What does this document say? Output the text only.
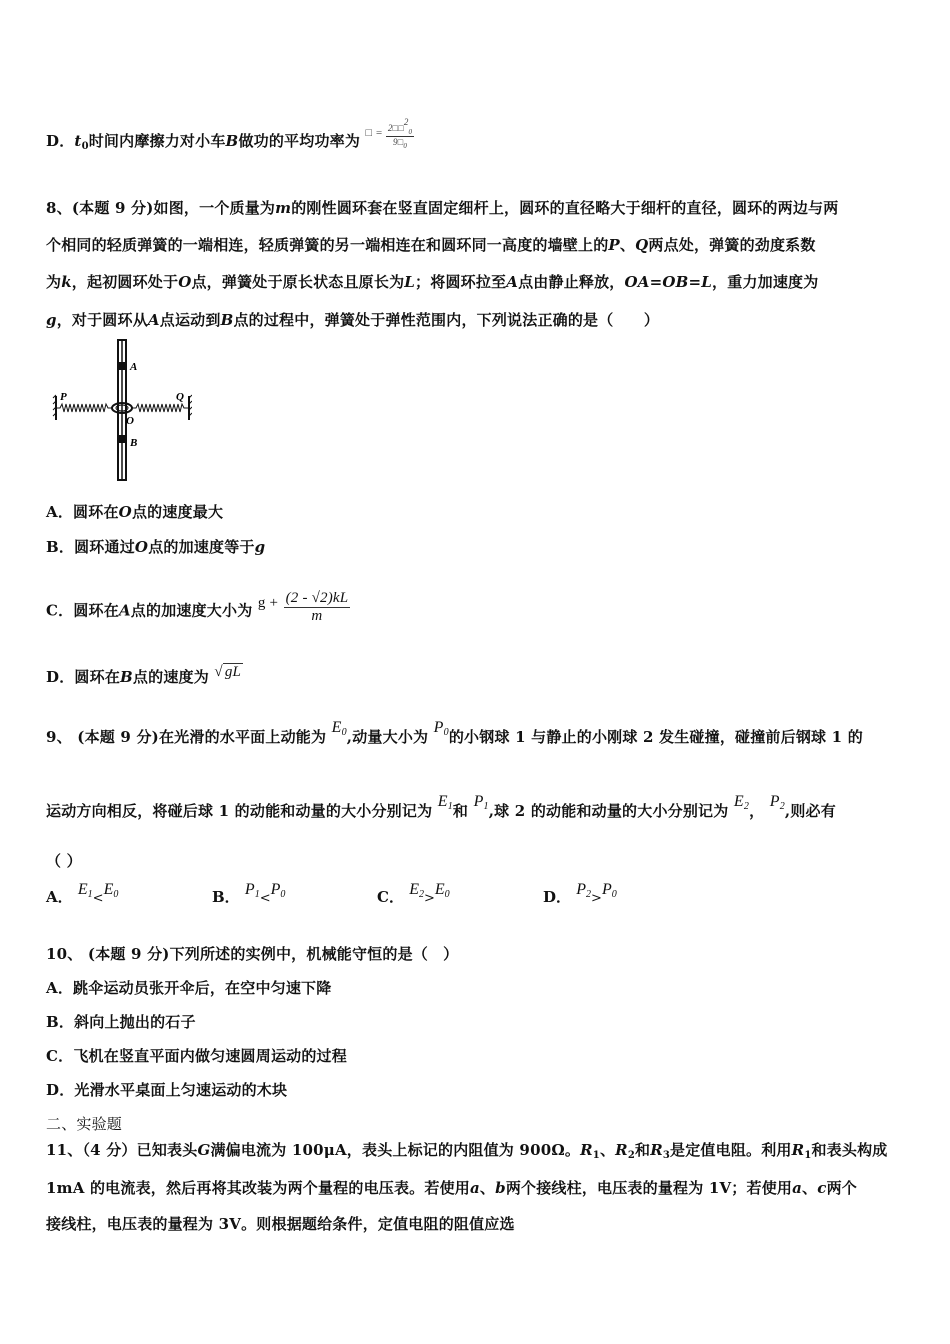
D．$t_0$时间内摩擦力对小车B做功的平均功率为 $^{□ = \frac{2□□2_0}{9□_0}}$
8、(本题 9 分)如图，一个质量为m的刚性圆环套在竖直固定细杆上，圆环的直径略大于细杆的直径，圆环的两边与两
个相同的轻质弹簧的一端相连，轻质弹簧的另一端相连在和圆环同一高度的墙壁上的P、Q两点处，弹簧的劲度系数
为k，起初圆环处于O点，弹簧处于原长状态且原长为L；将圆环拉至A点由静止释放，OA=OB=L，重力加速度为
g，对于圆环从A点运动到B点的过程中，弹簧处于弹性范围内，下列说法正确的是（　　）
A
P	Q
O
B
A．圆环在O点的速度最大
B．圆环通过O点的加速度等于g
C．圆环在A点的加速度大小为 $g + \frac{(2 - √2)kL}{m}$
D．圆环在B点的速度为 √ gL
9、 (本题 9 分)在光滑的水平面上动能为 $E_0$,动量大小为 $P_0$的小钢球 1 与静止的小刚球 2 发生碰撞，碰撞前后钢球 1 的
运动方向相反，将碰后球 1 的动能和动量的大小分别记为 $E_1$和 $P_1$,球 2 的动能和动量的大小分别记为 $E_2$， $P_2$,则必有
（ ）
A． $E_1<E_0$	B． $P_1<P_0$	C． $E_2>E_0$	D． $P_2>P_0$
10、 (本题 9 分)下列所述的实例中，机械能守恒的是（　）
A．跳伞运动员张开伞后，在空中匀速下降
B．斜向上抛出的石子
C．飞机在竖直平面内做匀速圆周运动的过程
D．光滑水平桌面上匀速运动的木块
二、实验题
11、（4 分）已知表头G满偏电流为 100μA，表头上标记的内阻值为 900Ω。$R_1$、$R_2$和$R_3$是定值电阻。利用$R_1$和表头构成
1mA 的电流表，然后再将其改装为两个量程的电压表。若使用a、b两个接线柱，电压表的量程为 1V；若使用a、c两个
接线柱，电压表的量程为 3V。则根据题给条件，定值电阻的阻值应选
